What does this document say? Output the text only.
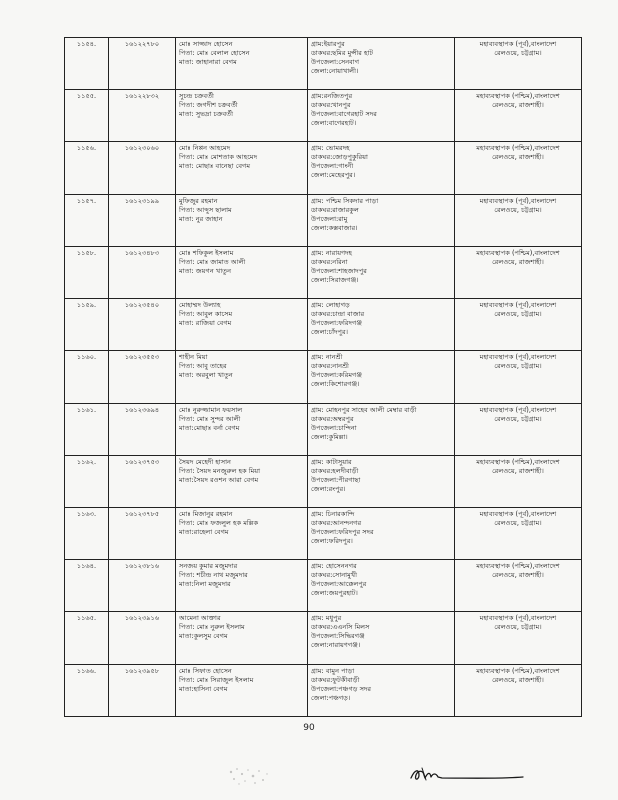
১১৫৪.	১৬১২২৭৮০	মোঃ সাজ্জাদ হোসেন
পিতা: মোঃ বেলাল হোসেন
মাতা: জাহানারা বেগম	গ্রাম:ইয়ারপুর
ডাকঘর:ছমির মুন্সীর হাট
উপজেলা:সেনবাগ
জেলা:নোয়াখালী।	মহাব্যবস্থাপক (পূর্ব),বাংলাদেশ
রেলওয়ে, চট্টগ্রাম।

১১৫৫.	১৬১২২৮৩২	সুচন্দ্র চক্রবর্তী
পিতা: জগদীশ চক্রবর্তী
মাতা: সুভদ্রা চক্রবর্তী	গ্রাম:রনজিতপুর
ডাকঘর:খানপুর
উপজেলা:বাগেরহাট সদর
জেলা:বাগেরহাট।	মহাব্যবস্থাপক (পশ্চিম),বাংলাদেশ
রেলওয়ে, রাজশাহী।

১১৫৬.	১৬১২৩০৬০	মোঃ নিপ্পন আহমেদ
পিতা: মোঃ মোশতাক আহমেদ
মাতা: মোছাঃ বানেছা বেগম	গ্রাম: ভোমরদহ
ডাকঘর:জোড়পুকুরিয়া
উপজেলা:গাংনী
জেলা:মেহেরপুর।	মহাব্যবস্থাপক (পশ্চিম),বাংলাদেশ
রেলওয়ে, রাজশাহী।

১১৫৭.	১৬১২৩১৯৯	মুফিজুর রহমান
পিতা: আব্দুস ছালাম
মাতা: নুর জাহান	গ্রাম: পশ্চিম সিকদার পাড়া
ডাকঘর:রাজারকুল
উপজেলা:রামু
জেলা:কক্সবাজার।	মহাব্যবস্থাপক (পূর্ব),বাংলাদেশ
রেলওয়ে, চট্টগ্রাম।

১১৫৮.	১৬১২৩৪৮৩	মোঃ শফিকুল ইসলাম
পিতা: মোঃ জামাত আলী
মাতা: জয়গন খাতুন	গ্রাম: নারায়ণদহ
ডাকঘর:নরিনা
উপজেলা:শাহজাদপুর
জেলা:সিরাজগঞ্জ।	মহাব্যবস্থাপক (পশ্চিম),বাংলাদেশ
রেলওয়ে, রাজশাহী।

১১৫৯.	১৬১২৩৫৪০	মোহাম্মদ উল্যাহ
পিতা: আবুল কাসেম
মাতা: রাজিয়া বেগম	গ্রাম: লোহাগড়
ডাকঘর:চান্দ্রা বাজার
উপজেলা:ফরিদগঞ্জ
জেলা:চাঁদপুর।	মহাব্যবস্থাপক (পূর্ব),বাংলাদেশ
রেলওয়ে, চট্টগ্রাম।

১১৬০.	১৬১২৩৫৫৩	শাহীন মিয়া
পিতা: আবু তাহের
মাতা: অরবুলা খাতুন	গ্রাম: নানশ্রী
ডাকঘর:নানশ্রী
উপজেলা:করিমগঞ্জ
জেলা:কিশোরগঞ্জ।	মহাব্যবস্থাপক (পূর্ব),বাংলাদেশ
রেলওয়ে, চট্টগ্রাম।

১১৬১.	১৬১২৩৬৯৪	মোঃ নুরুজ্জামান ফয়সাল
পিতা: মোঃ সুন্দর আলী
মাতা:মোছাঃ বর্না বেগম	গ্রাম: মোহনপুর সাহেব আলী মেম্বার বাড়ী
ডাকঘর:অম্বরপুর
উপজেলা:চান্দিনা
জেলা:কুমিল্লা।	মহাব্যবস্থাপক (পূর্ব),বাংলাদেশ
রেলওয়ে, চট্টগ্রাম।

১১৬২.	১৬১২৩৭৫৩	সৈয়দ মেহেদী হাসান
পিতা: সৈয়দ মনজুরুল হক মিয়া
মাতা:সৈয়দ রওশন আরা বেগম	গ্রাম: কাটাসুয়ার
ডাকঘর:হলদীবাড়ী
উপজেলা:পীরগাছা
জেলা:রংপুর।	মহাব্যবস্থাপক (পশ্চিম),বাংলাদেশ
রেলওয়ে, রাজশাহী।

১১৬৩.	১৬১২৩৭৮৫	মোঃ মিজানুর রহমান
পিতা: মোঃ ফজলুল হক মল্লিক
মাতা:রাহেলা বেগম	গ্রাম: চিনারকান্দি
ডাকঘর:আনন্দনগর
উপজেলা:ফরিদপুর সদর
জেলা:ফরিদপুর।	মহাব্যবস্থাপক (পূর্ব),বাংলাদেশ
রেলওয়ে, চট্টগ্রাম।

১১৬৪.	১৬১২৩৮১৬	সনজয় কুমার মজুমদার
পিতা: শচীন্দ্র নাথ মজুমদার
মাতা:নিলা মজুমদার	গ্রাম: হোসেননগর
ডাকঘর:সোনামুখী
উপজেলা:আক্কেলপুর
জেলা:জয়পুরহাট।	মহাব্যবস্থাপক (পশ্চিম),বাংলাদেশ
রেলওয়ে, রাজশাহী।

১১৬৫.	১৬১২৩৯১৬	আমেনা আক্তার
পিতা: মোঃ নুরুল ইসলাম
মাতা:কুলসুম বেগম	গ্রাম: মধুপুর
ডাকঘর:এএনসি মিলস
উপজেলা:সিদ্ধিরগঞ্জ
জেলা:নারায়ণগঞ্জ।	মহাব্যবস্থাপক (পূর্ব),বাংলাদেশ
রেলওয়ে, চট্টগ্রাম।

১১৬৬.	১৬১২৩৯৫৮	মোঃ সিফাত হোসেন
পিতা: মোঃ সিরাজুল ইসলাম
মাতা:হাসিনা বেগম	গ্রাম: বামুন পাড়া
ডাকঘর:ফুটকীবাড়ী
উপজেলা:পঞ্চগড় সদর
জেলা:পঞ্চগড়।	মহাব্যবস্থাপক (পশ্চিম),বাংলাদেশ
রেলওয়ে, রাজশাহী।
90
